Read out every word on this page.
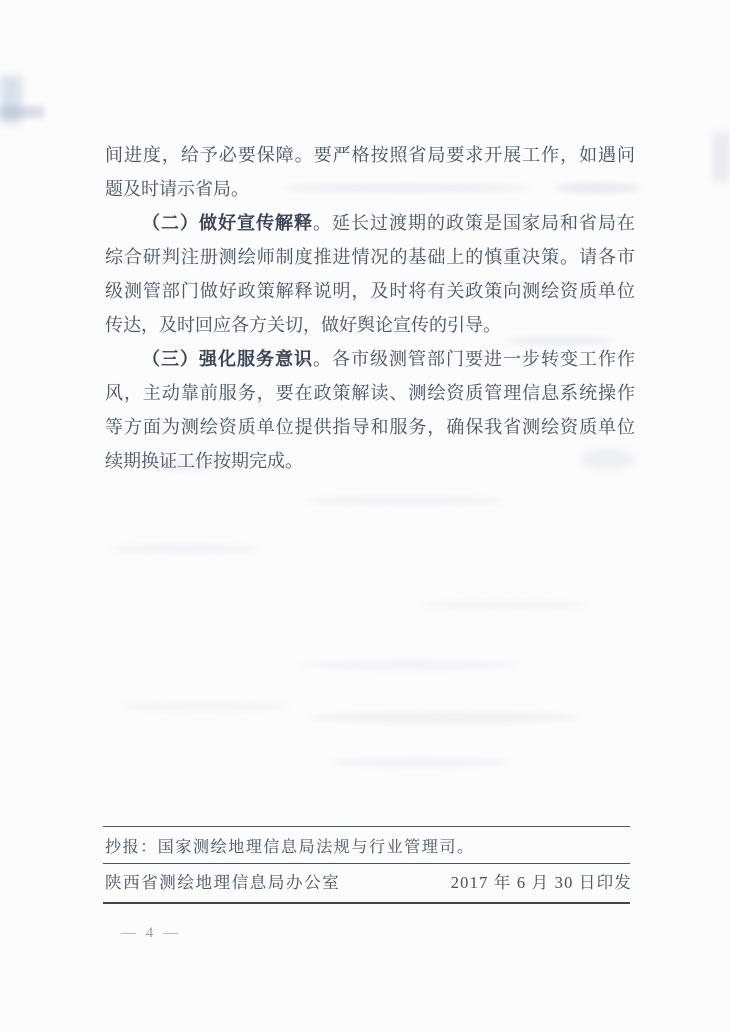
间进度，给予必要保障。要严格按照省局要求开展工作，如遇问
题及时请示省局。
（二）做好宣传解释。延长过渡期的政策是国家局和省局在
综合研判注册测绘师制度推进情况的基础上的慎重决策。请各市
级测管部门做好政策解释说明，及时将有关政策向测绘资质单位
传达，及时回应各方关切，做好舆论宣传的引导。
（三）强化服务意识。各市级测管部门要进一步转变工作作
风，主动靠前服务，要在政策解读、测绘资质管理信息系统操作
等方面为测绘资质单位提供指导和服务，确保我省测绘资质单位
续期换证工作按期完成。
抄报：国家测绘地理信息局法规与行业管理司。
陕西省测绘地理信息局办公室	2017 年 6 月 30 日印发
— 4 —
